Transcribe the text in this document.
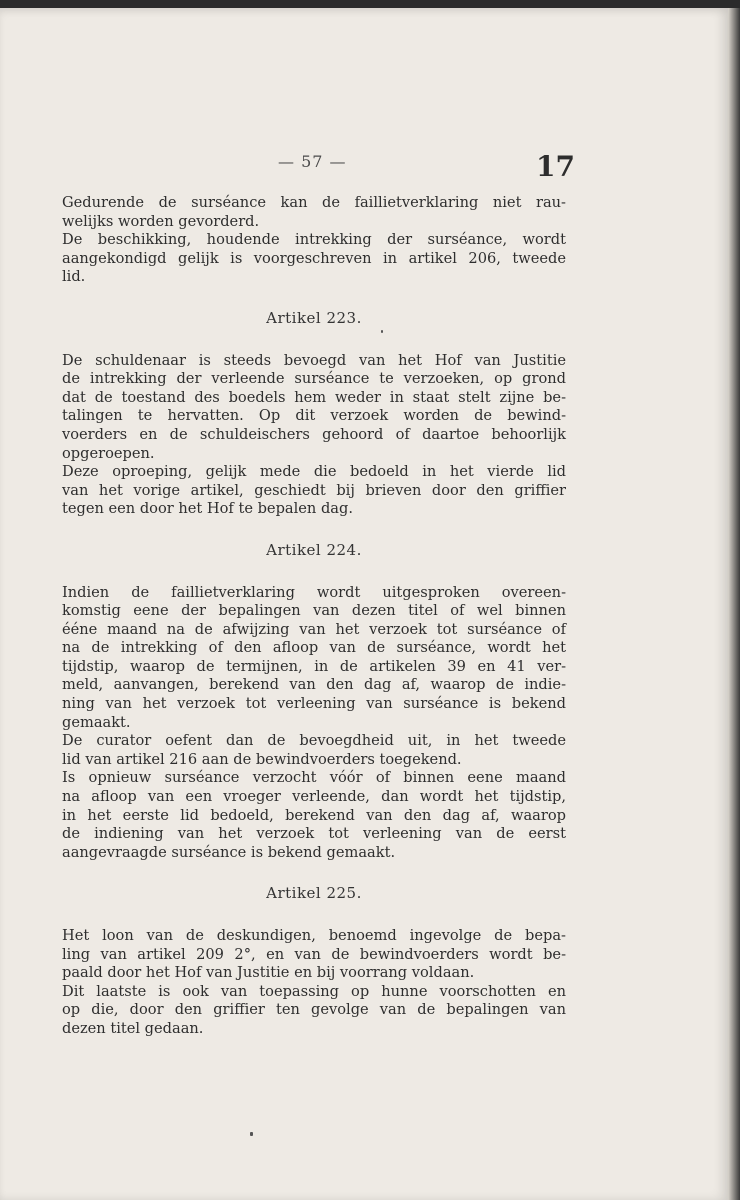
— 57 —	17
Gedurende de surséance kan de faillietverklaring niet rau-
welijks worden gevorderd.
De beschikking, houdende intrekking der surséance, wordt
aangekondigd gelijk is voorgeschreven in artikel 206, tweede
lid.
Artikel 223.
De schuldenaar is steeds bevoegd van het Hof van Justitie
de intrekking der verleende surséance te verzoeken, op grond
dat de toestand des boedels hem weder in staat stelt zijne be-
talingen te hervatten. Op dit verzoek worden de bewind-
voerders en de schuldeischers gehoord of daartoe behoorlijk
opgeroepen.
Deze oproeping, gelijk mede die bedoeld in het vierde lid
van het vorige artikel, geschiedt bij brieven door den griffier
tegen een door het Hof te bepalen dag.
Artikel 224.
Indien de faillietverklaring wordt uitgesproken overeen-
komstig eene der bepalingen van dezen titel of wel binnen
ééne maand na de afwijzing van het verzoek tot surséance of
na de intrekking of den afloop van de surséance, wordt het
tijdstip, waarop de termijnen, in de artikelen 39 en 41 ver-
meld, aanvangen, berekend van den dag af, waarop de indie-
ning van het verzoek tot verleening van surséance is bekend
gemaakt.
De curator oefent dan de bevoegdheid uit, in het tweede
lid van artikel 216 aan de bewindvoerders toegekend.
Is opnieuw surséance verzocht vóór of binnen eene maand
na afloop van een vroeger verleende, dan wordt het tijdstip,
in het eerste lid bedoeld, berekend van den dag af, waarop
de indiening van het verzoek tot verleening van de eerst
aangevraagde surséance is bekend gemaakt.
Artikel 225.
Het loon van de deskundigen, benoemd ingevolge de bepa-
ling van artikel 209 2°, en van de bewindvoerders wordt be-
paald door het Hof van Justitie en bij voorrang voldaan.
Dit laatste is ook van toepassing op hunne voorschotten en
op die, door den griffier ten gevolge van de bepalingen van
dezen titel gedaan.
